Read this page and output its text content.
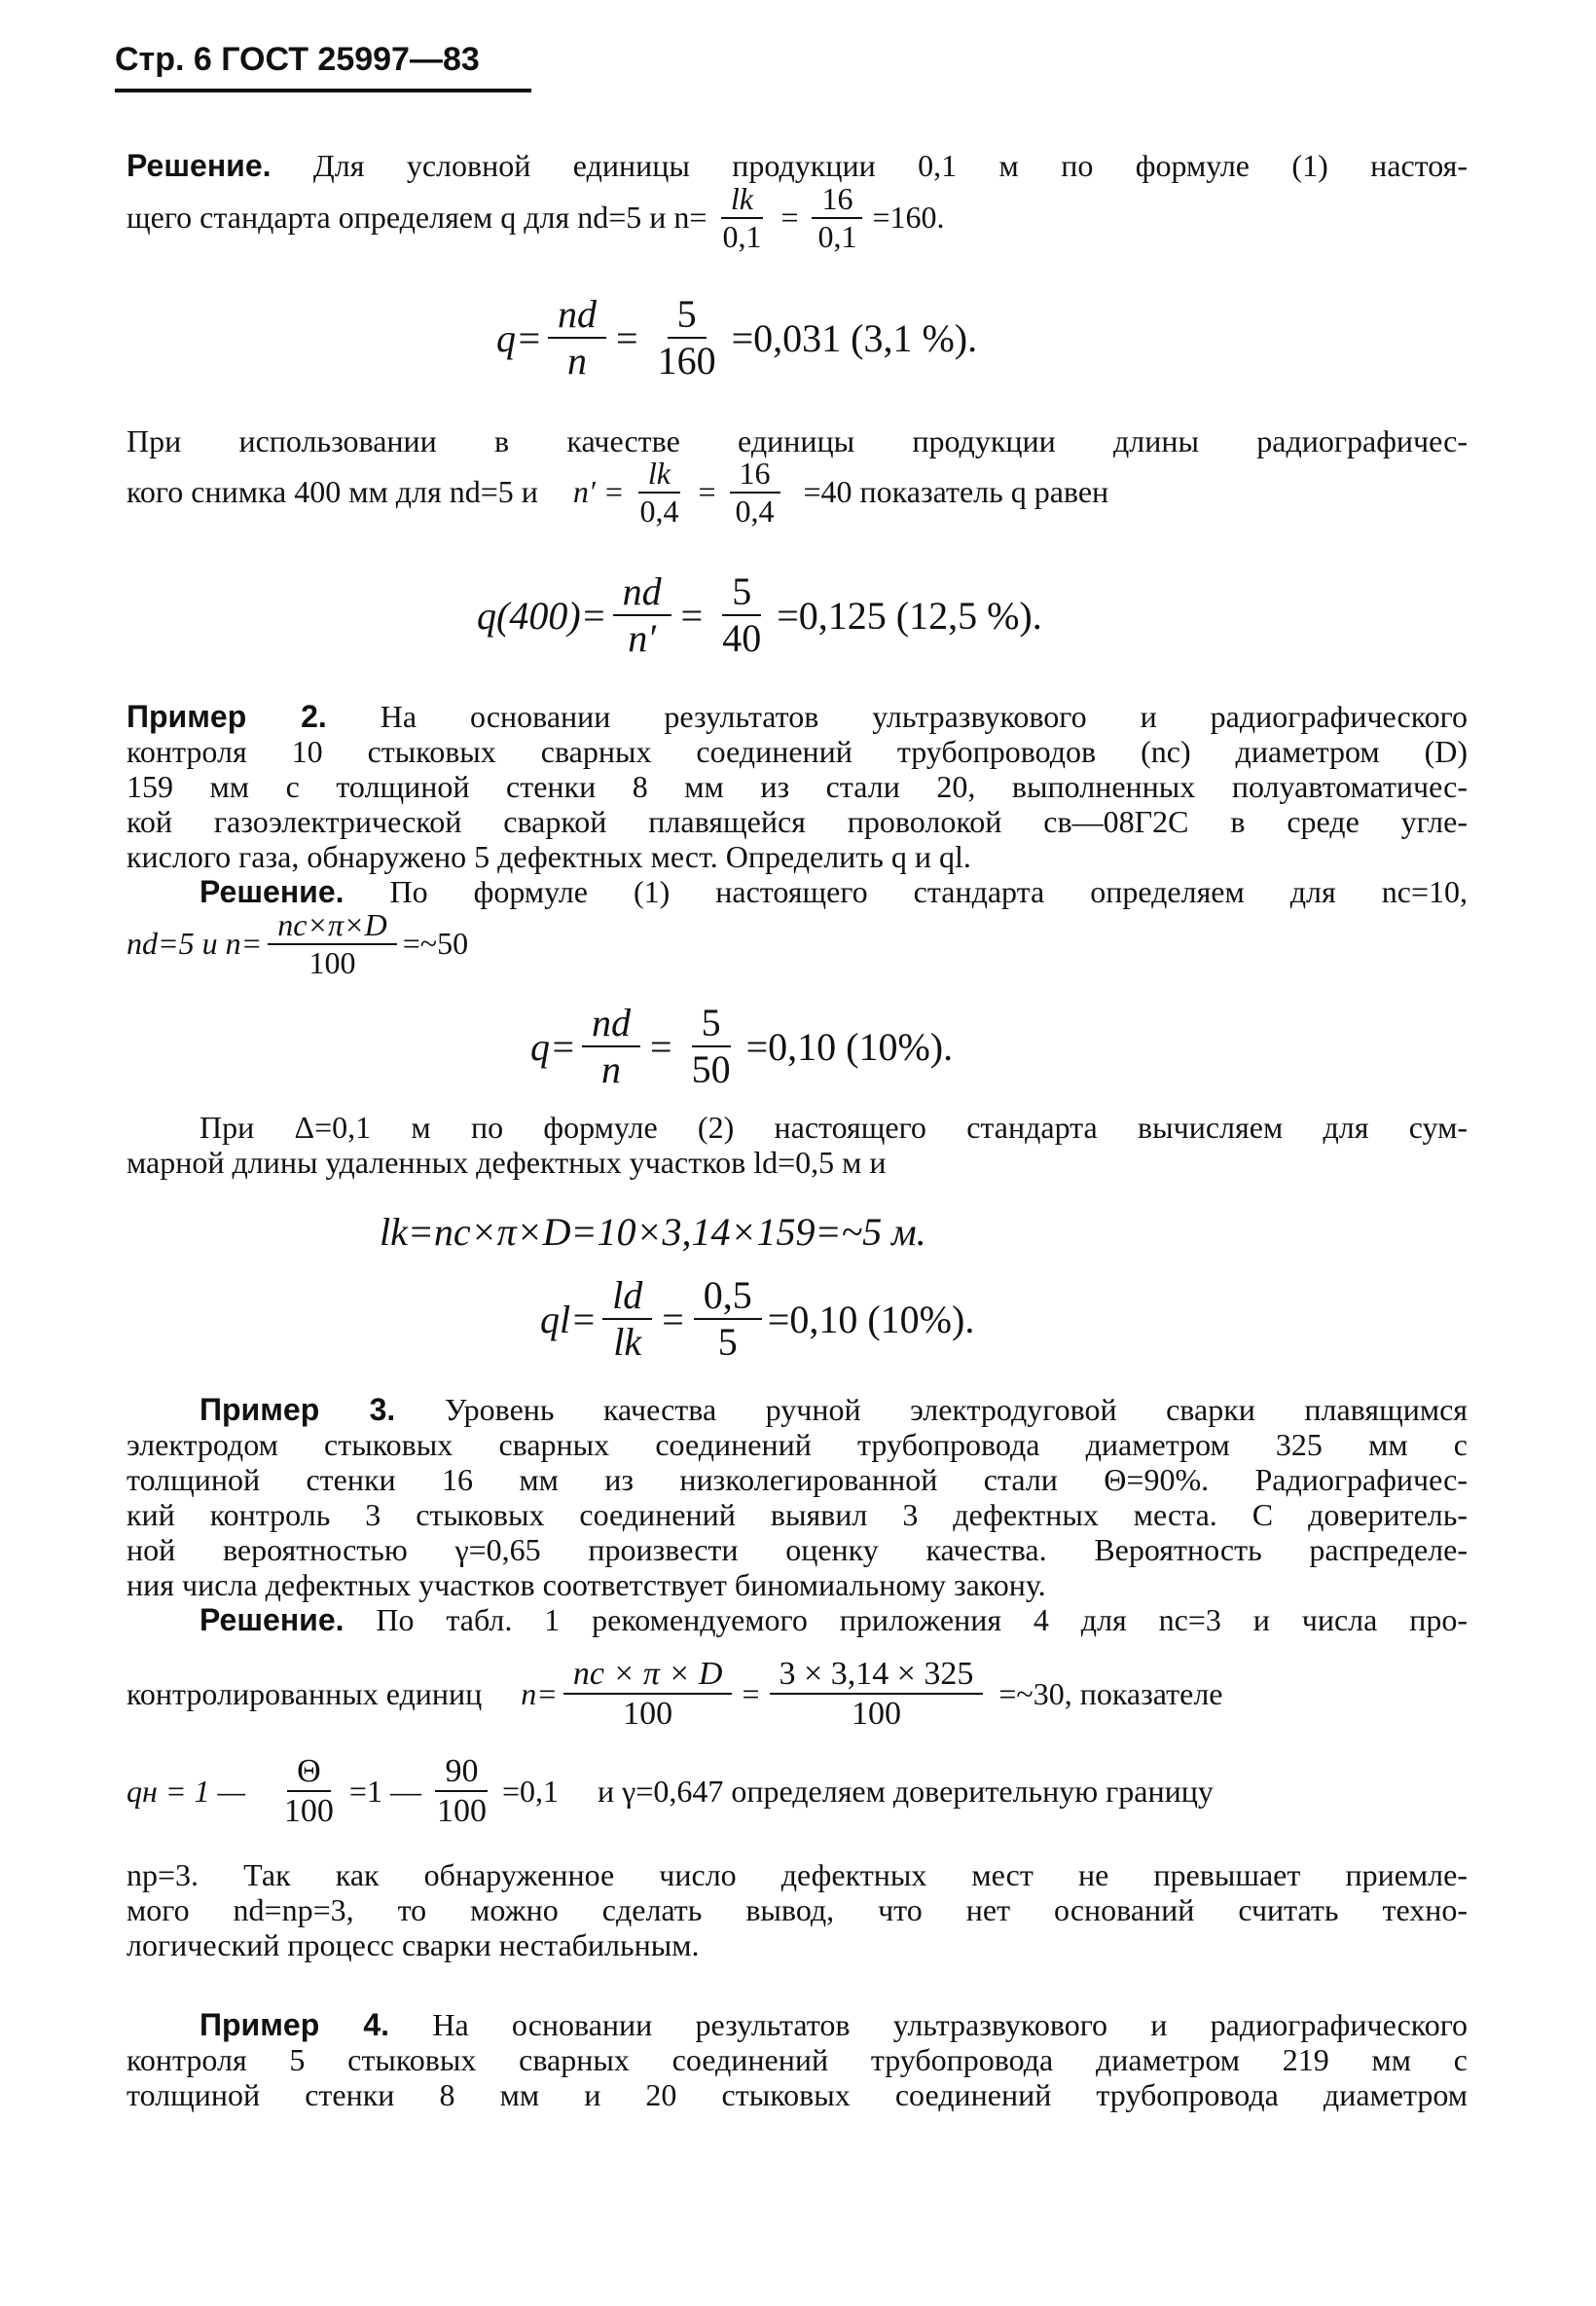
Стр. 6 ГОСТ 25997—83
Решение. Для условной единицы продукции 0,1 м по формуле (1) настоя-
щего стандарта определяем q для nd=5 и $n= \frac{lk}{0,1} = \frac{16}{0,1} =160$.
$q= \frac{nd}{n} = \frac{5}{160} =0,031$ (3,1 %).
При использовании в качестве единицы продукции длины радиографичес-
кого снимка 400 мм для nd=5 и $n' = \frac{lk}{0,4} = \frac{16}{0,4} =40$ показатель q равен
$q(400)= \frac{nd}{n'} = \frac{5}{40} =0,125$ (12,5 %).
Пример 2. На основании результатов ультразвукового и радиографического
контроля 10 стыковых сварных соединений трубопроводов (nc) диаметром (D)
159 мм с толщиной стенки 8 мм из стали 20, выполненных полуавтоматичес-
кой газоэлектрической сваркой плавящейся проволокой св—08Г2С в среде угле-
кислого газа, обнаружено 5 дефектных мест. Определить q и ql.
Решение. По формуле (1) настоящего стандарта определяем для nc=10,
nd=5 и $n= \frac{nc\times\pi\times D}{100}$ =~50
$q= \frac{nd}{n} = \frac{5}{50} =0,10$ (10%).
При Δ=0,1 м по формуле (2) настоящего стандарта вычисляем для сум-
марной длины удаленных дефектных участков ld=0,5 м и
lk=nc×π×D=10×3,14×159=~5 м.
$ql= \frac{ld}{lk} = \frac{0,5}{5} =0,10$ (10%).
Пример 3. Уровень качества ручной электродуговой сварки плавящимся
электродом стыковых сварных соединений трубопровода диаметром 325 мм с
толщиной стенки 16 мм из низколегированной стали Θ=90%. Радиографичес-
кий контроль 3 стыковых соединений выявил 3 дефектных места. С доверитель-
ной вероятностью γ=0,65 произвести оценку качества. Вероятность распределе-
ния числа дефектных участков соответствует биномиальному закону.
Решение. По табл. 1 рекомендуемого приложения 4 для nc=3 и числа про-
контролированных единиц $n= \frac{nc \times \pi \times D}{100} = \frac{3 \times 3,14 \times 325}{100}$ =~30, показателе
qн = 1 — $\frac{\Theta}{100} =1$ — $\frac{90}{100} =0,1$ и γ=0,647 определяем доверительную границу
np=3. Так как обнаруженное число дефектных мест не превышает приемле-
мого nd=np=3, то можно сделать вывод, что нет оснований считать техно-
логический процесс сварки нестабильным.
Пример 4. На основании результатов ультразвукового и радиографического
контроля 5 стыковых сварных соединений трубопровода диаметром 219 мм с
толщиной стенки 8 мм и 20 стыковых соединений трубопровода диаметром
